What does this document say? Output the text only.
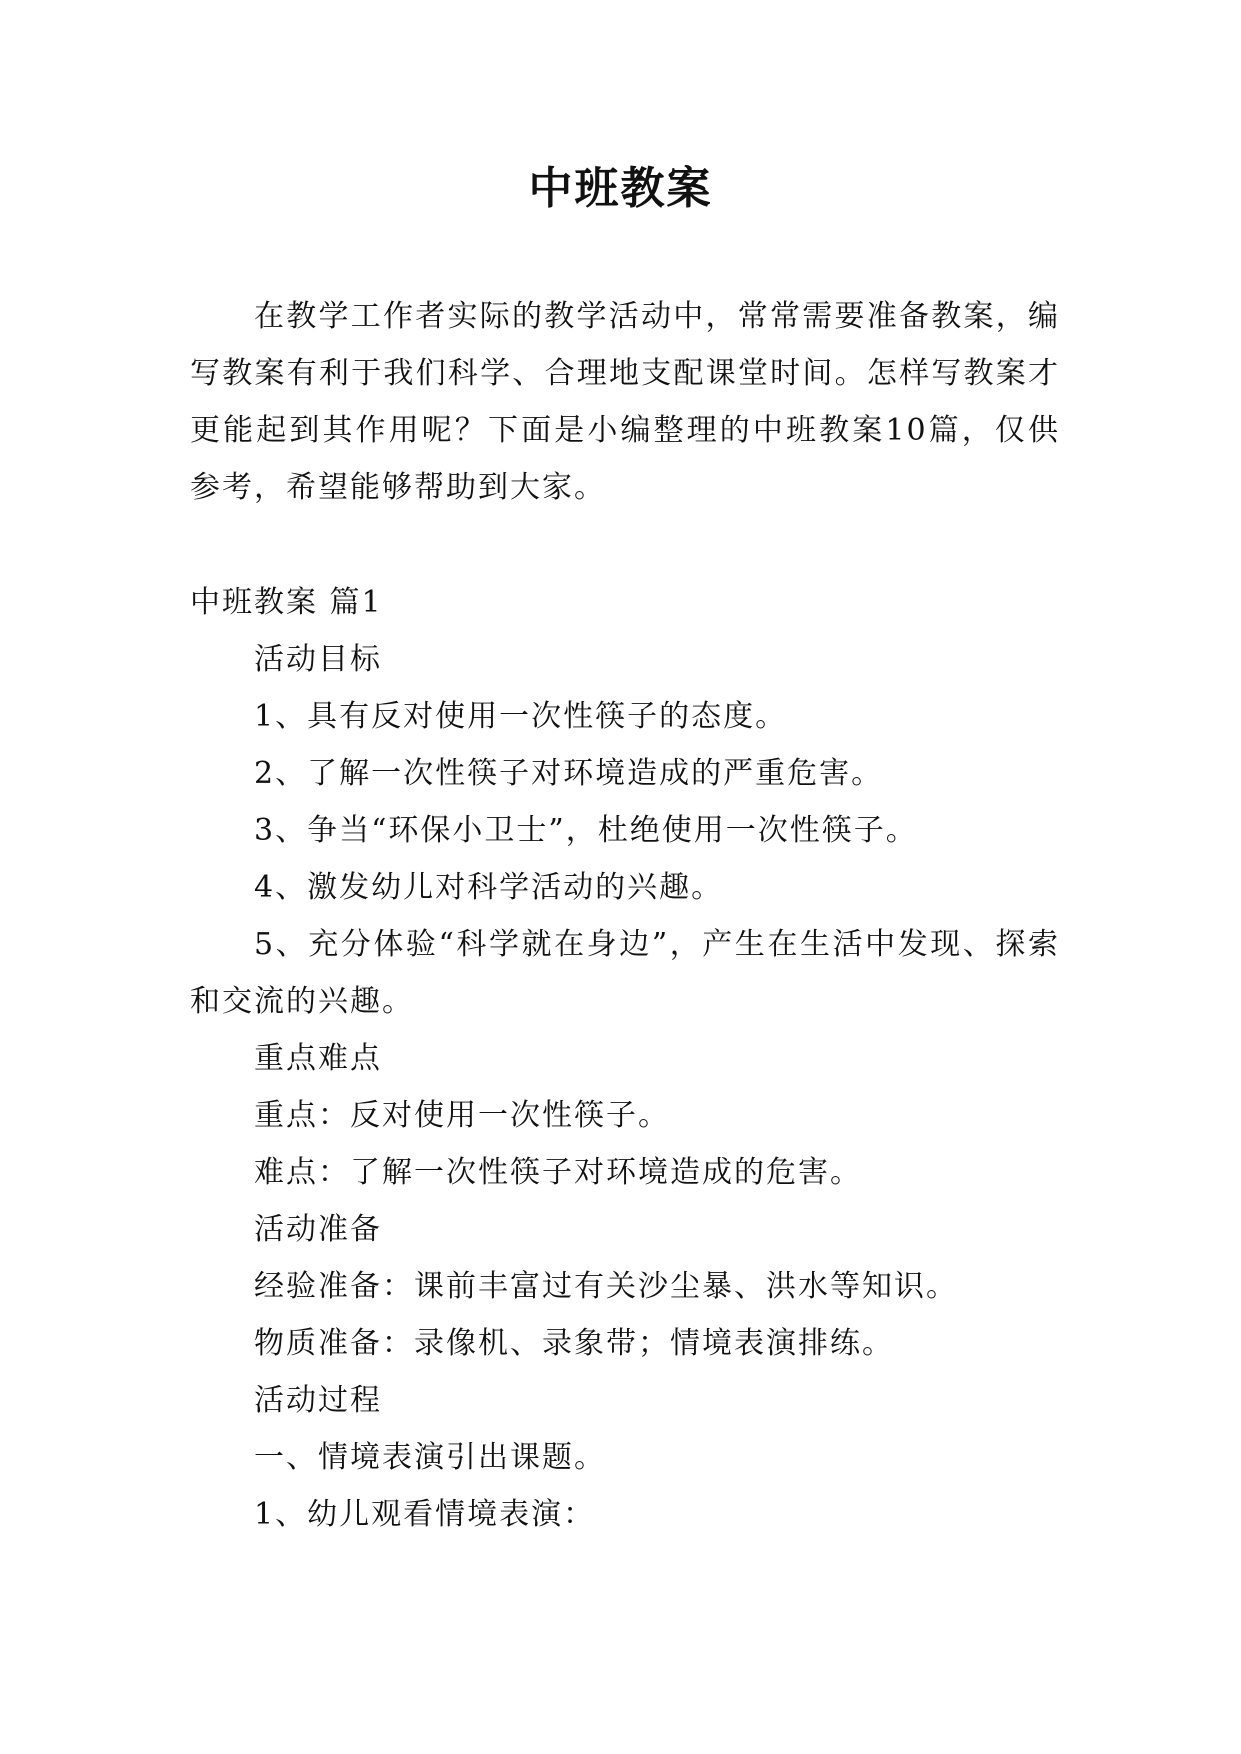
中班教案

在教学工作者实际的教学活动中，常常需要准备教案，编写教案有利于我们科学、合理地支配课堂时间。怎样写教案才更能起到其作用呢？下面是小编整理的中班教案10篇，仅供参考，希望能够帮助到大家。

中班教案 篇1

活动目标

1、具有反对使用一次性筷子的态度。

2、了解一次性筷子对环境造成的严重危害。

3、争当“环保小卫士”，杜绝使用一次性筷子。

4、激发幼儿对科学活动的兴趣。

5、充分体验“科学就在身边”，产生在生活中发现、探索和交流的兴趣。

重点难点

重点：反对使用一次性筷子。

难点：了解一次性筷子对环境造成的危害。

活动准备

经验准备：课前丰富过有关沙尘暴、洪水等知识。

物质准备：录像机、录象带；情境表演排练。

活动过程

一、情境表演引出课题。

1、幼儿观看情境表演：
